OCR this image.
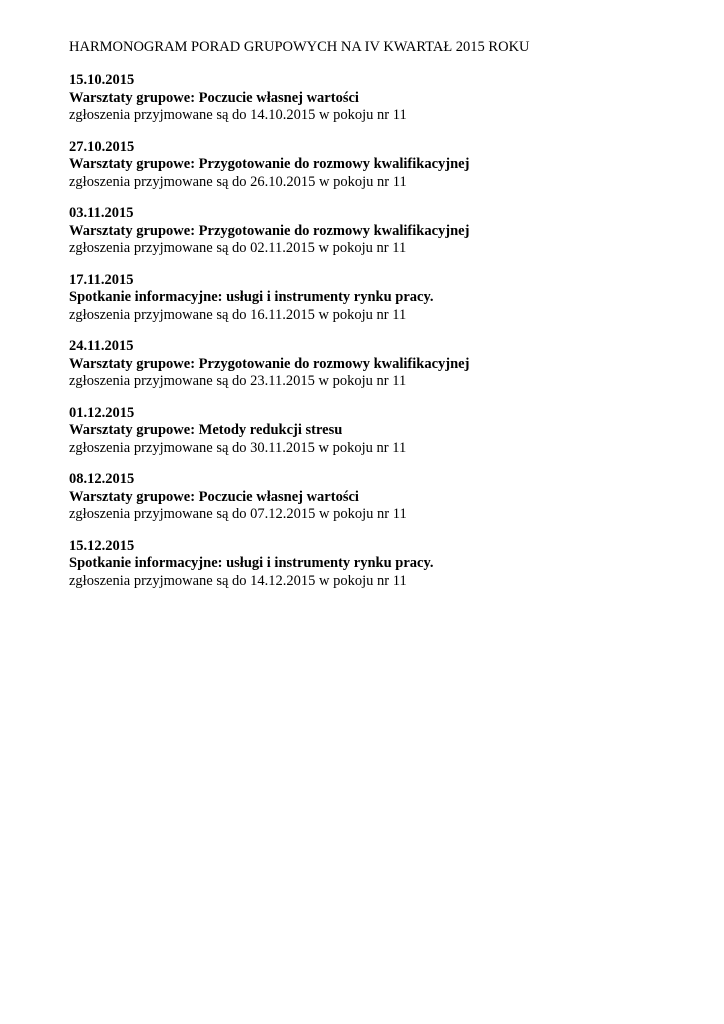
HARMONOGRAM PORAD GRUPOWYCH NA IV KWARTAŁ 2015 ROKU
15.10.2015
Warsztaty grupowe: Poczucie własnej wartości
zgłoszenia przyjmowane są do 14.10.2015 w pokoju nr 11
27.10.2015
Warsztaty grupowe: Przygotowanie do rozmowy kwalifikacyjnej
zgłoszenia przyjmowane są do 26.10.2015 w pokoju nr 11
03.11.2015
Warsztaty grupowe: Przygotowanie do rozmowy kwalifikacyjnej
zgłoszenia przyjmowane są do 02.11.2015 w pokoju nr 11
17.11.2015
Spotkanie informacyjne: usługi i instrumenty rynku pracy.
zgłoszenia przyjmowane są do 16.11.2015 w pokoju nr 11
24.11.2015
Warsztaty grupowe: Przygotowanie do rozmowy kwalifikacyjnej
zgłoszenia przyjmowane są do 23.11.2015 w pokoju nr 11
01.12.2015
Warsztaty grupowe: Metody redukcji stresu
zgłoszenia przyjmowane są do 30.11.2015 w pokoju nr 11
08.12.2015
Warsztaty grupowe: Poczucie własnej wartości
zgłoszenia przyjmowane są do 07.12.2015 w pokoju nr 11
15.12.2015
Spotkanie informacyjne: usługi i instrumenty rynku pracy.
zgłoszenia przyjmowane są do 14.12.2015 w pokoju nr 11
